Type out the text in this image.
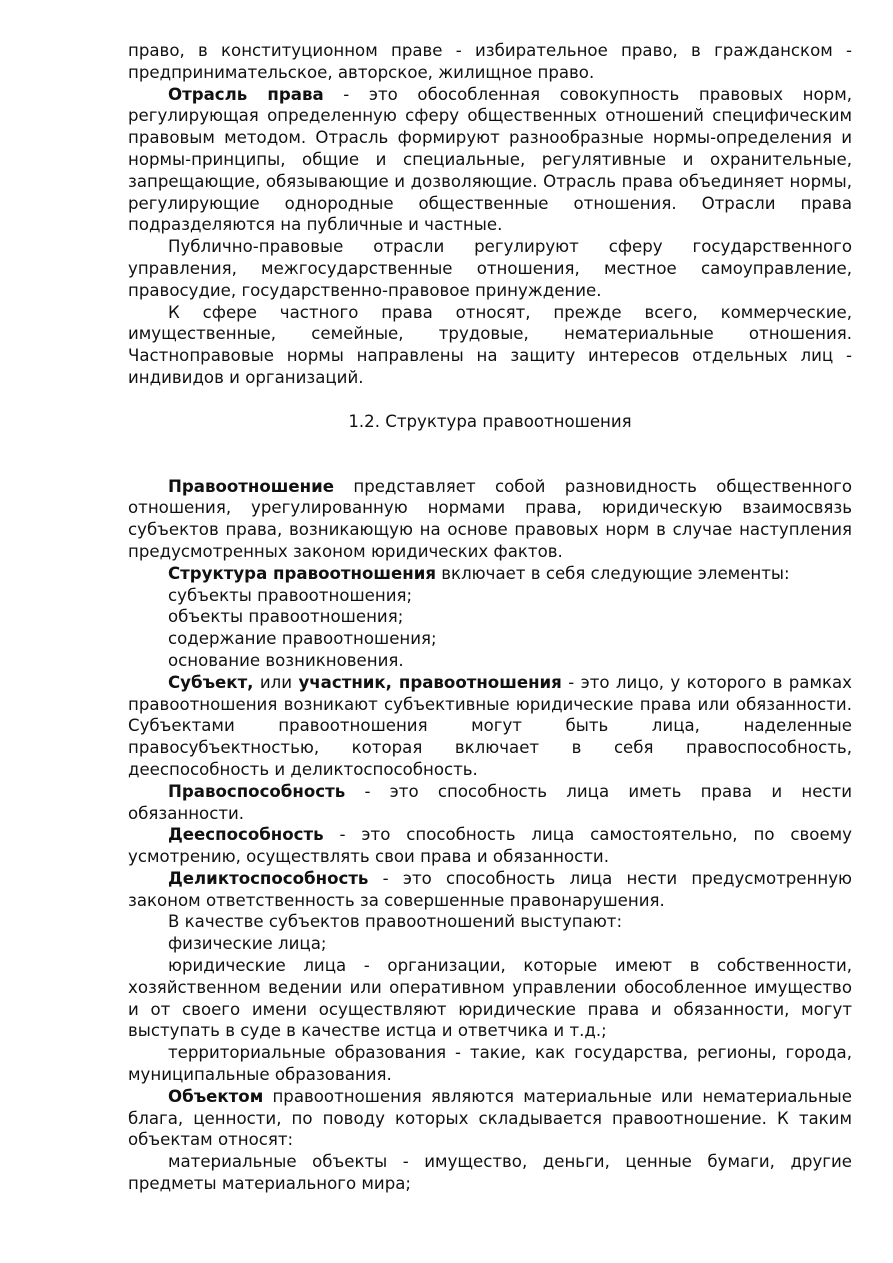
право, в конституционном праве - избирательное право, в гражданском - предпринимательское, авторское, жилищное право.

Отрасль права - это обособленная совокупность правовых норм, регулирующая определенную сферу общественных отношений специфическим правовым методом. Отрасль формируют разнообразные нормы-определения и нормы-принципы, общие и специальные, регулятивные и охранительные, запрещающие, обязывающие и дозволяющие. Отрасль права объединяет нормы, регулирующие однородные общественные отношения. Отрасли права подразделяются на публичные и частные.

Публично-правовые отрасли регулируют сферу государственного управления, межгосударственные отношения, местное самоуправление, правосудие, государственно-правовое принуждение.

К сфере частного права относят, прежде всего, коммерческие, имущественные, семейные, трудовые, нематериальные отношения. Частноправовые нормы направлены на защиту интересов отдельных лиц - индивидов и организаций.

1.2. Структура правоотношения

Правоотношение представляет собой разновидность общественного отношения, урегулированную нормами права, юридическую взаимосвязь субъектов права, возникающую на основе правовых норм в случае наступления предусмотренных законом юридических фактов.

Структура правоотношения включает в себя следующие элементы:

субъекты правоотношения;

объекты правоотношения;

содержание правоотношения;

основание возникновения.

Субъект, или участник, правоотношения - это лицо, у которого в рамках правоотношения возникают субъективные юридические права или обязанности. Субъектами правоотношения могут быть лица, наделенные правосубъектностью, которая включает в себя правоспособность, дееспособность и деликтоспособность.

Правоспособность - это способность лица иметь права и нести обязанности.

Дееспособность - это способность лица самостоятельно, по своему усмотрению, осуществлять свои права и обязанности.

Деликтоспособность - это способность лица нести предусмотренную законом ответственность за совершенные правонарушения.

В качестве субъектов правоотношений выступают:

физические лица;

юридические лица - организации, которые имеют в собственности, хозяйственном ведении или оперативном управлении обособленное имущество и от своего имени осуществляют юридические права и обязанности, могут выступать в суде в качестве истца и ответчика и т.д.;

территориальные образования - такие, как государства, регионы, города, муниципальные образования.

Объектом правоотношения являются материальные или нематериальные блага, ценности, по поводу которых складывается правоотношение. К таким объектам относят:

материальные объекты - имущество, деньги, ценные бумаги, другие предметы материального мира;
